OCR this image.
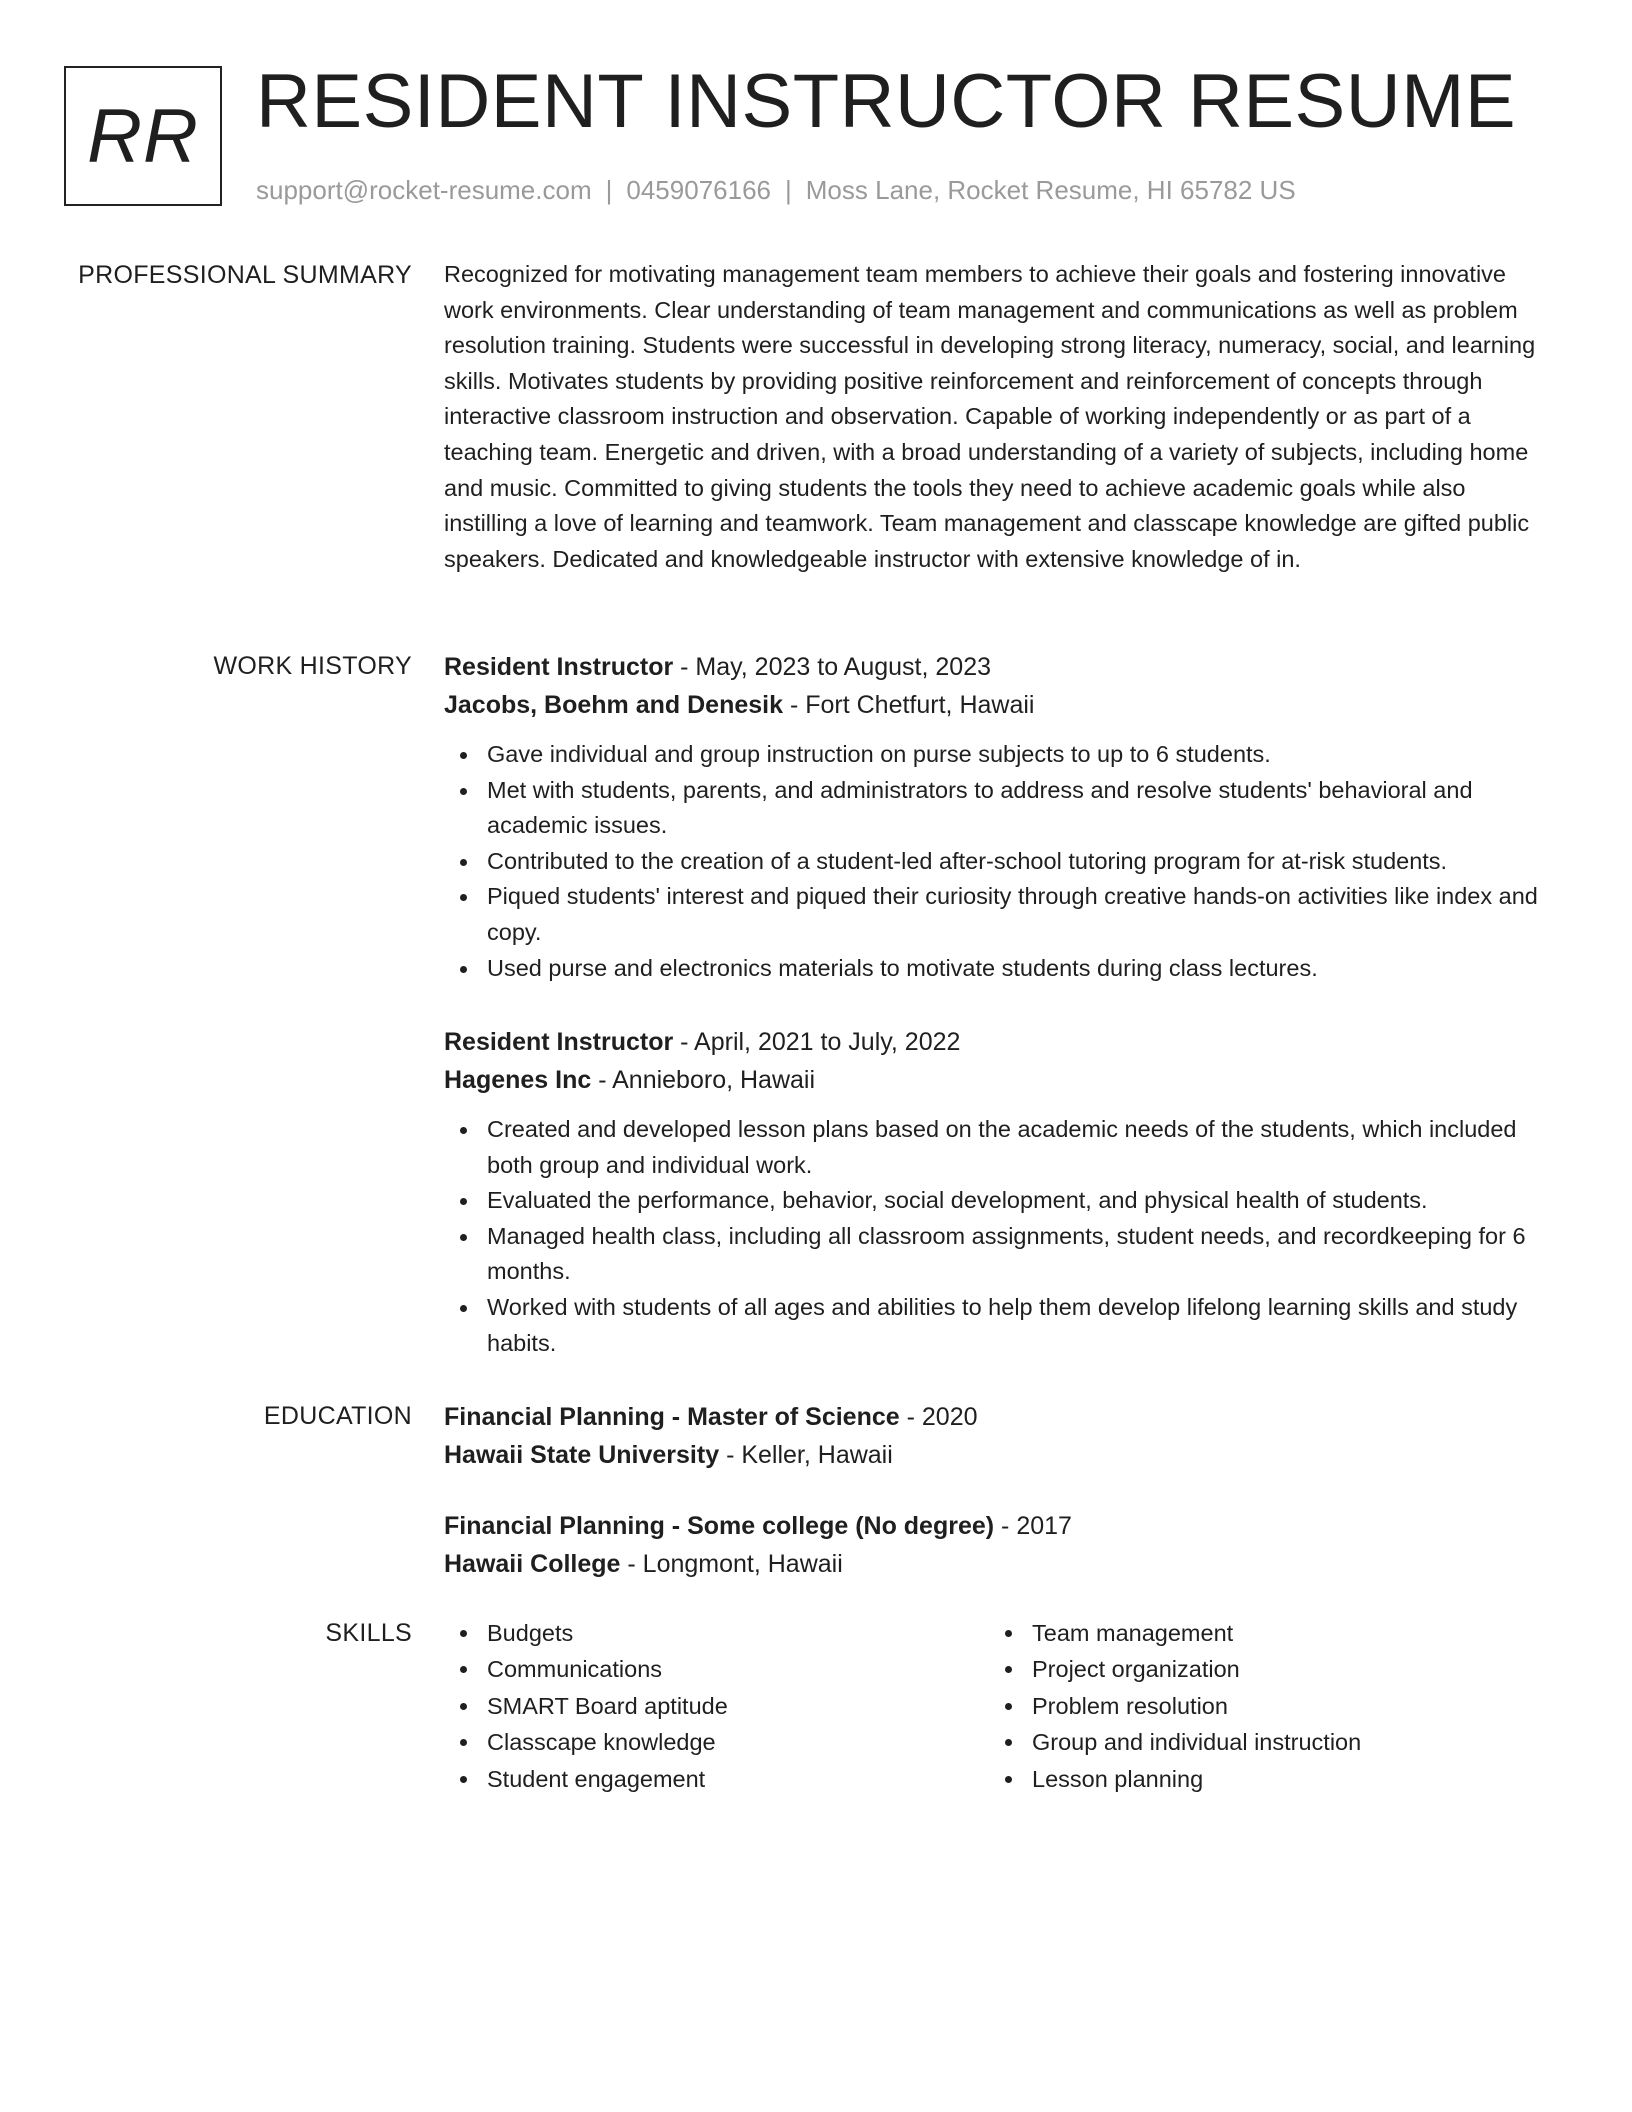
RR RESIDENT INSTRUCTOR RESUME
support@rocket-resume.com | 0459076166 | Moss Lane, Rocket Resume, HI 65782 US
PROFESSIONAL SUMMARY Recognized for motivating management team members to achieve their goals and fostering innovative work environments. Clear understanding of team management and communications as well as problem resolution training. Students were successful in developing strong literacy, numeracy, social, and learning skills. Motivates students by providing positive reinforcement and reinforcement of concepts through interactive classroom instruction and observation. Capable of working independently or as part of a teaching team. Energetic and driven, with a broad understanding of a variety of subjects, including home and music. Committed to giving students the tools they need to achieve academic goals while also instilling a love of learning and teamwork. Team management and classcape knowledge are gifted public speakers. Dedicated and knowledgeable instructor with extensive knowledge of in.

WORK HISTORY Resident Instructor - May, 2023 to August, 2023
Jacobs, Boehm and Denesik - Fort Chetfurt, Hawaii
Gave individual and group instruction on purse subjects to up to 6 students.
Met with students, parents, and administrators to address and resolve students' behavioral and academic issues.
Contributed to the creation of a student-led after-school tutoring program for at-risk students.
Piqued students' interest and piqued their curiosity through creative hands-on activities like index and copy.
Used purse and electronics materials to motivate students during class lectures.
Resident Instructor - April, 2021 to July, 2022
Hagenes Inc - Annieboro, Hawaii
Created and developed lesson plans based on the academic needs of the students, which included both group and individual work.
Evaluated the performance, behavior, social development, and physical health of students.
Managed health class, including all classroom assignments, student needs, and recordkeeping for 6 months.
Worked with students of all ages and abilities to help them develop lifelong learning skills and study habits.
EDUCATION Financial Planning - Master of Science - 2020
Hawaii State University - Keller, Hawaii
Financial Planning - Some college (No degree) - 2017
Hawaii College - Longmont, Hawaii
SKILLS	Budgets
Communications
SMART Board aptitude
Classcape knowledge
Student engagement
Team management
Project organization
Problem resolution
Group and individual instruction
Lesson planning
